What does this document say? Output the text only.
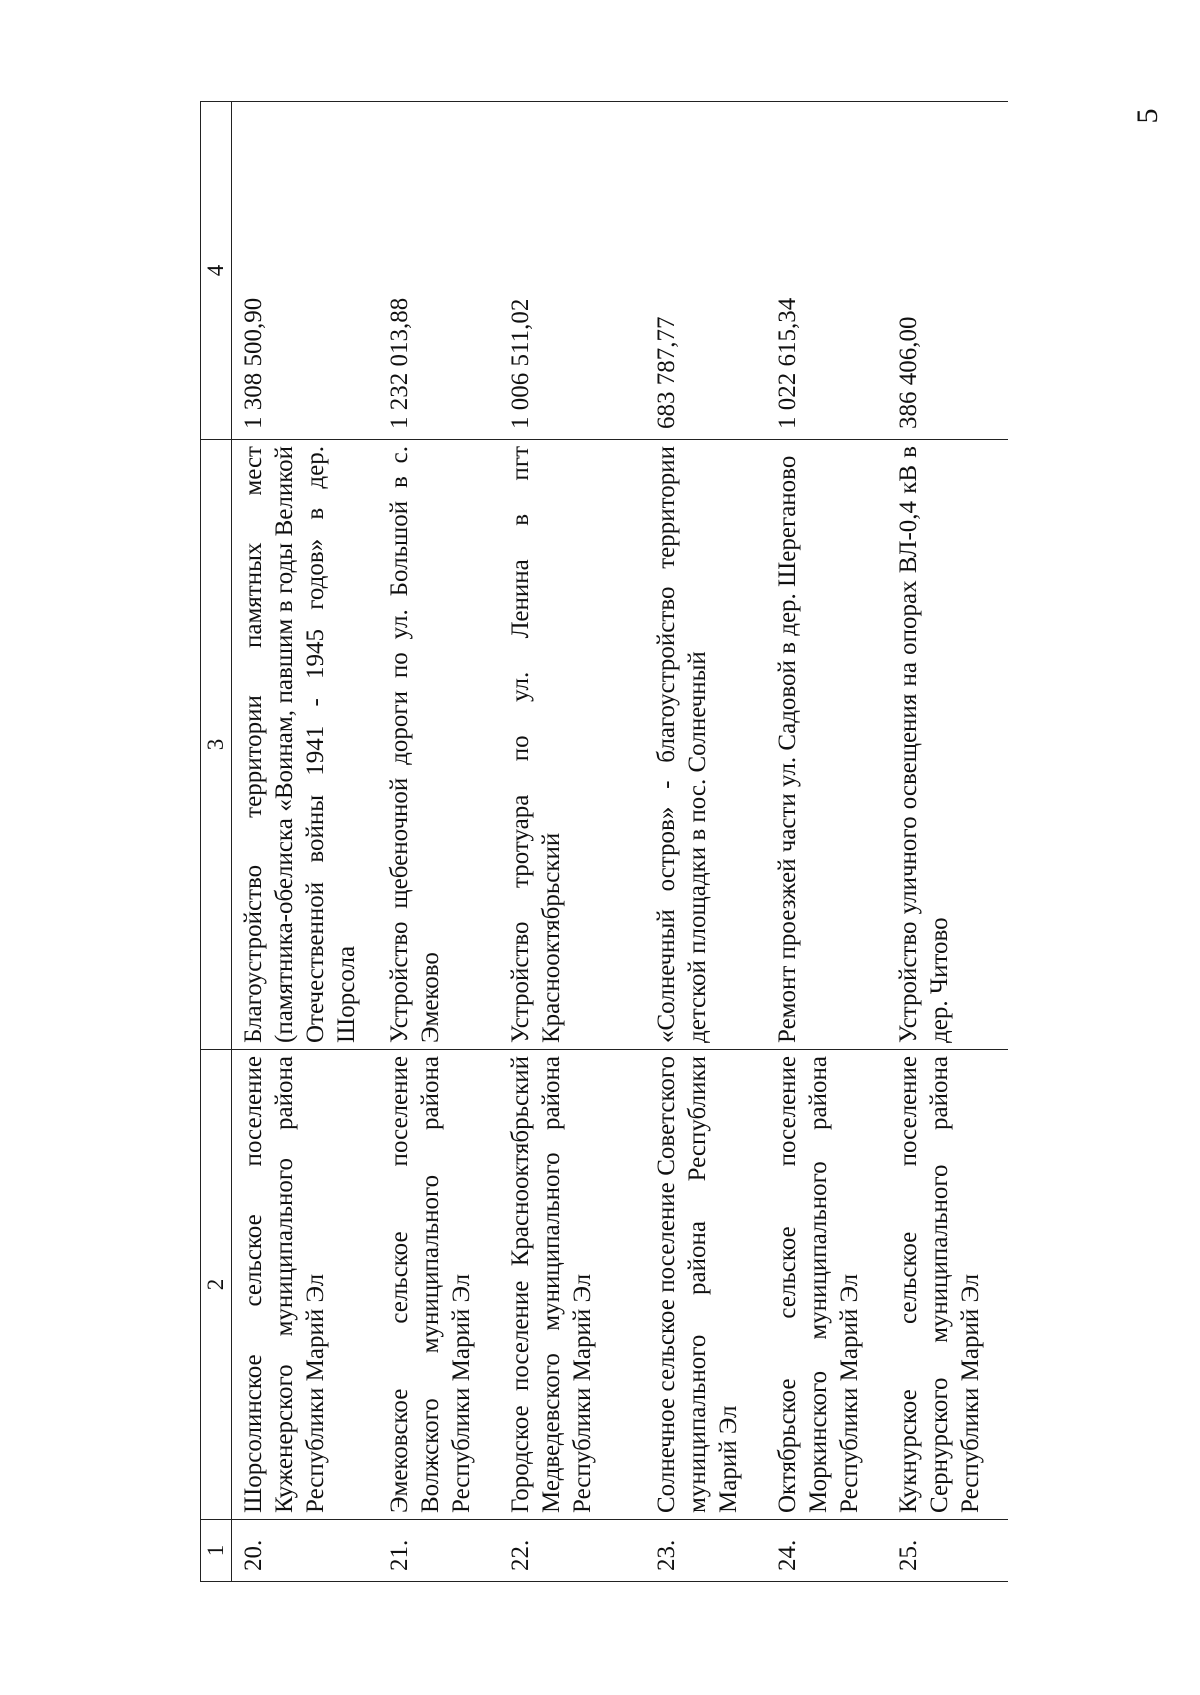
5
1	2	3	4
20.	Шорсолинское сельское поселение Куженерского муниципального района Республики Марий Эл	Благоустройство территории памятных мест (памятника-обелиска «Воинам, павшим в годы Великой Отечественной войны 1941 - 1945 годов» в дер. Шорсола	1 308 500,90
21.	Эмековское сельское поселение Волжского муниципального района Республики Марий Эл	Устройство щебеночной дороги по ул. Большой в с. Эмеково	1 232 013,88
22.	Городское поселение Краснооктябрьский Медведевского муниципального района Республики Марий Эл	Устройство тротуара по ул. Ленина в пгт Краснооктябрьский	1 006 511,02
23.	Солнечное сельское поселение Советского муниципального района Республики Марий Эл	«Солнечный остров» - благоустройство территории детской площадки в пос. Солнечный	683 787,77
24.	Октябрьское сельское поселение Моркинского муниципального района Республики Марий Эл	Ремонт проезжей части ул. Садовой в дер. Шереганово	1 022 615,34
25.	Кукнурское сельское поселение Сернурского муниципального района Республики Марий Эл	Устройство уличного освещения на опорах ВЛ-0,4 кВ в дер. Читово	386 406,00
